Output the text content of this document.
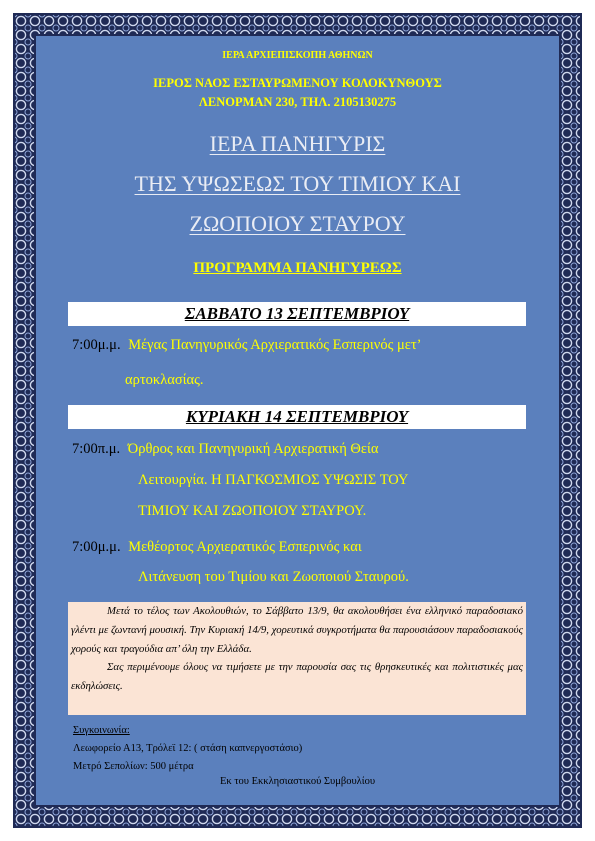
ΙΕΡΑ ΑΡΧΙΕΠΙΣΚΟΠΗ ΑΘΗΝΩΝ
ΙΕΡΟΣ ΝΑΟΣ ΕΣΤΑΥΡΩΜΕΝΟΥ ΚΟΛΟΚΥΝΘΟΥΣ
ΛΕΝΟΡΜΑΝ 230, ΤΗΛ. 2105130275
ΙΕΡΑ ΠΑΝΗΓΥΡΙΣ
ΤΗΣ ΥΨΩΣΕΩΣ ΤΟΥ ΤΙΜΙΟΥ ΚΑΙ
ΖΩΟΠΟΙΟΥ ΣΤΑΥΡΟΥ
ΠΡΟΓΡΑΜΜΑ ΠΑΝΗΓΥΡΕΩΣ
ΣΑΒΒΑΤΟ 13 ΣΕΠΤΕΜΒΡΙΟΥ
7:00μ.μ. Μέγας Πανηγυρικός Αρχιερατικός Εσπερινός μετ’
αρτοκλασίας.
ΚΥΡΙΑΚΗ 14 ΣΕΠΤΕΜΒΡΙΟΥ
7:00π.μ. Όρθρος και Πανηγυρική Αρχιερατική Θεία
Λειτουργία. Η ΠΑΓΚΟΣΜΙΟΣ ΥΨΩΣΙΣ ΤΟΥ
ΤΙΜΙΟΥ ΚΑΙ ΖΩΟΠΟΙΟΥ ΣΤΑΥΡΟΥ.
7:00μ.μ. Μεθέορτος Αρχιερατικός Εσπερινός και
Λιτάνευση του Τιμίου και Ζωοποιού Σταυρού.

Μετά το τέλος των Ακολουθιών, το Σάββατο 13/9, θα ακολουθήσει ένα ελληνικό παραδοσιακό γλέντι με ζωντανή μουσική. Την Κυριακή 14/9, χορευτικά συγκροτήματα θα παρουσιάσουν παραδοσιακούς χορούς και τραγούδια απ’ όλη την Ελλάδα.

Σας περιμένουμε όλους να τιμήσετε με την παρουσία σας τις θρησκευτικές και πολιτιστικές μας εκδηλώσεις.

Συγκοινωνία:
Λεωφορείο Α13, Τρόλεϊ 12: ( στάση καπνεργοστάσιο)
Μετρό Σεπολίων: 500 μέτρα
Εκ του Εκκλησιαστικού Συμβουλίου
